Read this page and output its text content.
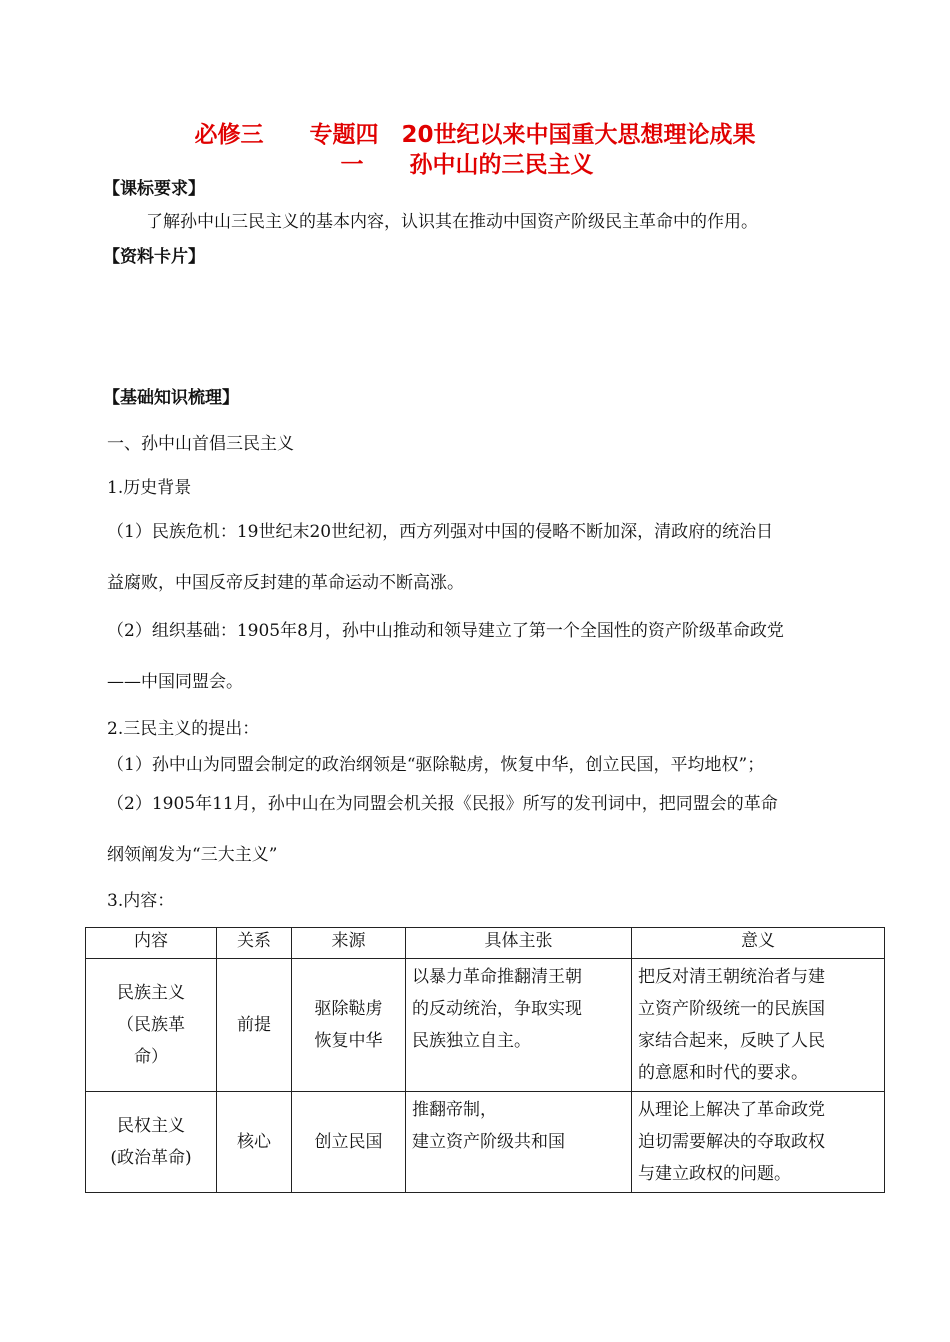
必修三　　专题四　20世纪以来中国重大思想理论成果
一　　孙中山的三民主义
【课标要求】
了解孙中山三民主义的基本内容，认识其在推动中国资产阶级民主革命中的作用。
【资料卡片】
【基础知识梳理】
一、孙中山首倡三民主义
1.历史背景
（1）民族危机：19世纪末20世纪初，西方列强对中国的侵略不断加深，清政府的统治日
益腐败，中国反帝反封建的革命运动不断高涨。
（2）组织基础：1905年8月，孙中山推动和领导建立了第一个全国性的资产阶级革命政党
——中国同盟会。
2.三民主义的提出：
（1）孙中山为同盟会制定的政治纲领是“驱除鞑虏，恢复中华，创立民国，平均地权”；
（2）1905年11月，孙中山在为同盟会机关报《民报》所写的发刊词中，把同盟会的革命
纲领阐发为“三大主义”
3.内容：
内容	关系	来源	具体主张	意义

民族主义
（民族革
命）	前提	驱除鞑虏
恢复中华	以暴力革命推翻清王朝
的反动统治，争取实现
民族独立自主。	把反对清王朝统治者与建
立资产阶级统一的民族国
家结合起来，反映了人民
的意愿和时代的要求。

民权主义
(政治革命)	核心	创立民国	推翻帝制，
建立资产阶级共和国	从理论上解决了革命政党
迫切需要解决的夺取政权
与建立政权的问题。
